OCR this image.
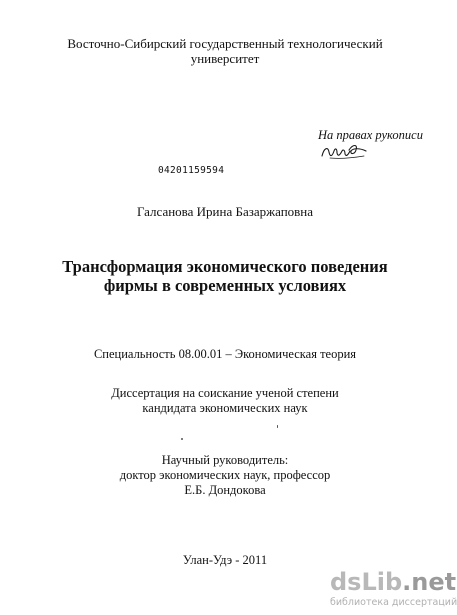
Восточно-Сибирский государственный технологический
университет
На правах рукописи
04201159594
Галсанова Ирина Базаржаповна
Трансформация экономического поведения
фирмы в современных условиях
Специальность 08.00.01 – Экономическая теория
Диссертация на соискание ученой степени
кандидата экономических наук
Научный руководитель:
доктор экономических наук, профессор
Е.Б. Дондокова
Улан-Удэ - 2011
dsLib.net
библиотека диссертаций
